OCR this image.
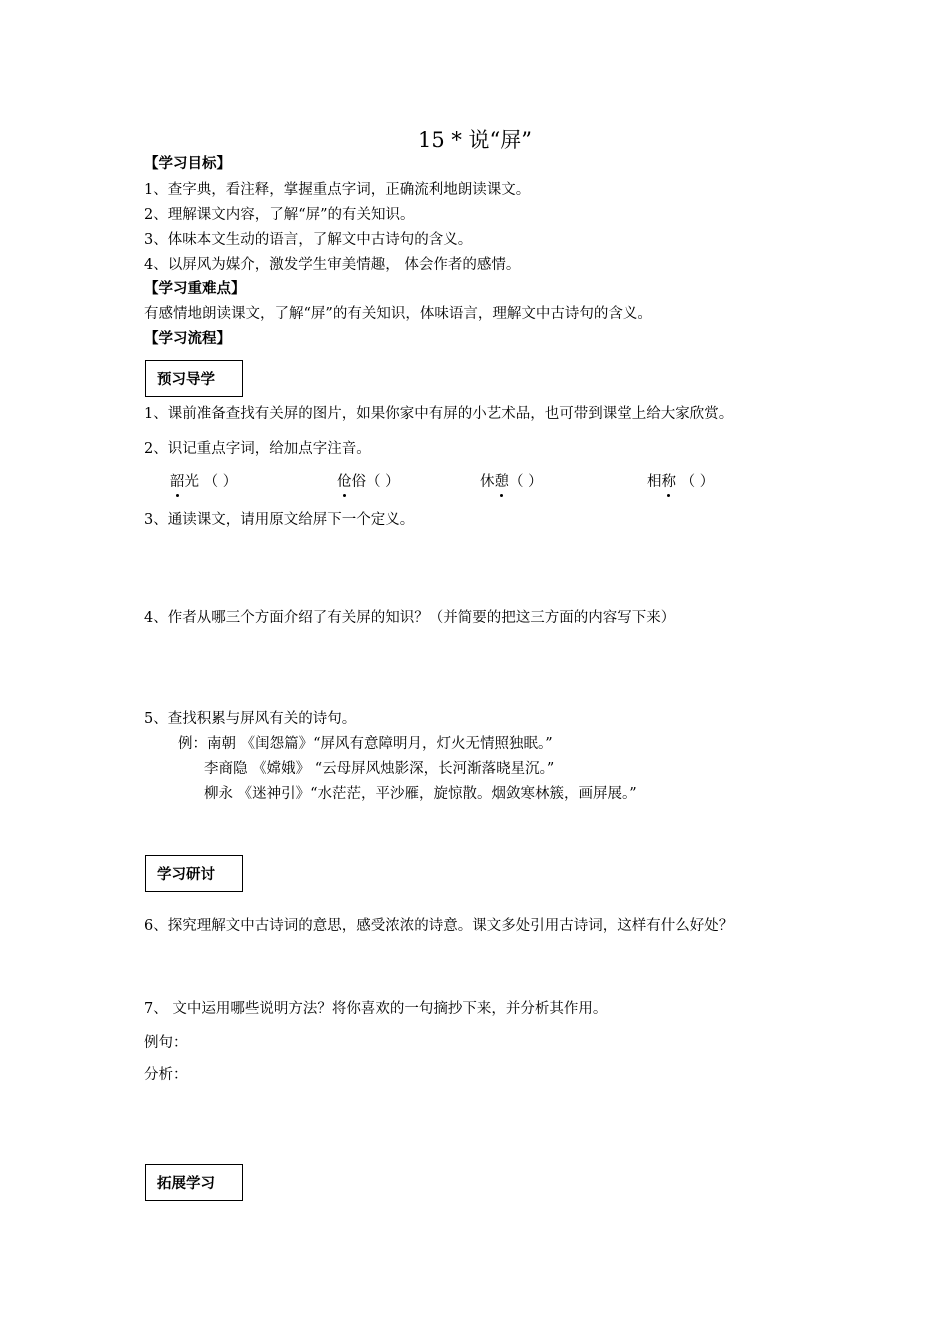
15 * 说“屏”
【学习目标】
1、查字典，看注释，掌握重点字词，正确流利地朗读课文。
2、理解课文内容，了解“屏”的有关知识。
3、体味本文生动的语言，了解文中古诗句的含义。
4、以屏风为媒介，激发学生审美情趣， 体会作者的感情。
【学习重难点】
有感情地朗读课文，了解“屏”的有关知识，体味语言，理解文中古诗句的含义。
【学习流程】
预习导学
1、课前准备查找有关屏的图片，如果你家中有屏的小艺术品，也可带到课堂上给大家欣赏。
2、识记重点字词，给加点字注音。
韶光 （ ）	伧俗（ ）	休憩（ ）	相称 （ ）
3、通读课文，请用原文给屏下一个定义。
4、作者从哪三个方面介绍了有关屏的知识？（并简要的把这三方面的内容写下来）
5、查找积累与屏风有关的诗句。
例：南朝 《闺怨篇》“屏风有意障明月，灯火无情照独眠。”
李商隐 《嫦娥》 “云母屏风烛影深，长河渐落晓星沉。”
柳永 《迷神引》“水茫茫，平沙雁，旋惊散。烟敛寒林簇，画屏展。”
学习研讨
6、探究理解文中古诗词的意思，感受浓浓的诗意。课文多处引用古诗词，这样有什么好处？
7、 文中运用哪些说明方法？将你喜欢的一句摘抄下来，并分析其作用。
例句：
分析：
拓展学习
